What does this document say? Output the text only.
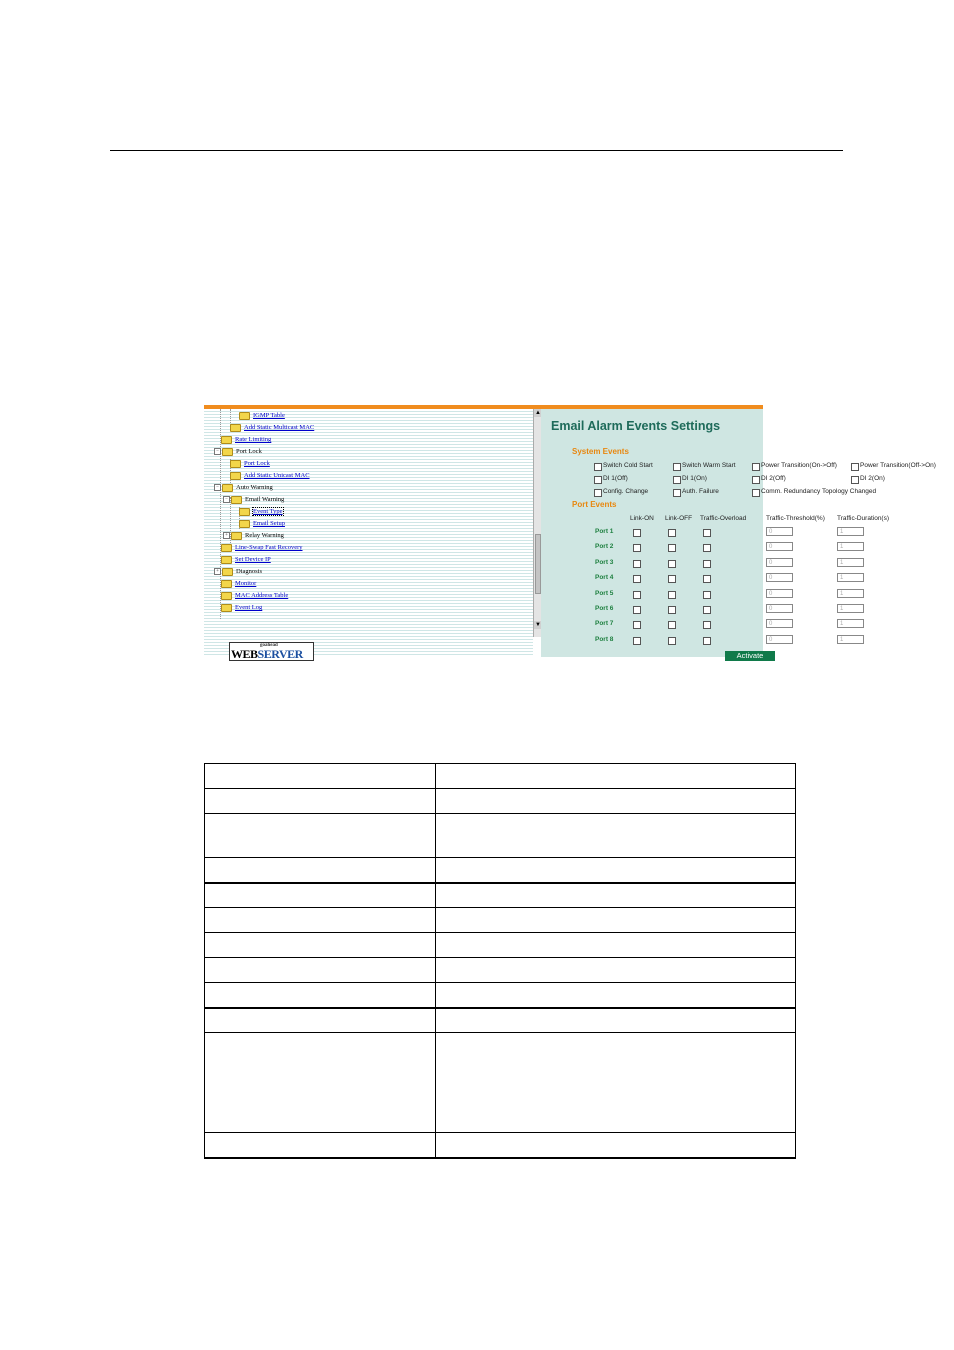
IGMP Table
Add Static Multicast MAC
Rate Limiting
−	Port Lock
Port Lock
Add Static Unicast MAC
−	Auto Warning
−	Email Warning
Event Type
Email Setup
+	Relay Warning
Line-Swap Fast Recovery
Set Device IP
+	Diagnosis
Monitor
MAC Address Table
Event Log
goahead
WEBSERVER
▲
▼
Email Alarm Events Settings
System Events
Switch Cold Start	Switch Warm Start	Power Transition(On->Off)	Power Transition(Off->On)
DI 1(Off)	DI 1(On)	DI 2(Off)	DI 2(On)
Config. Change	Auth. Failure	Comm. Redundancy Topology Changed
Port Events
Link-ON Link-OFF Traffic-Overload	Traffic-Threshold(%) Traffic-Duration(s)
Port 1	0	1
Port 2	0	1
Port 3	0	1
Port 4	0	1
Port 5	0	1
Port 6	0	1
Port 7	0	1
Port 8	0	1
Activate
